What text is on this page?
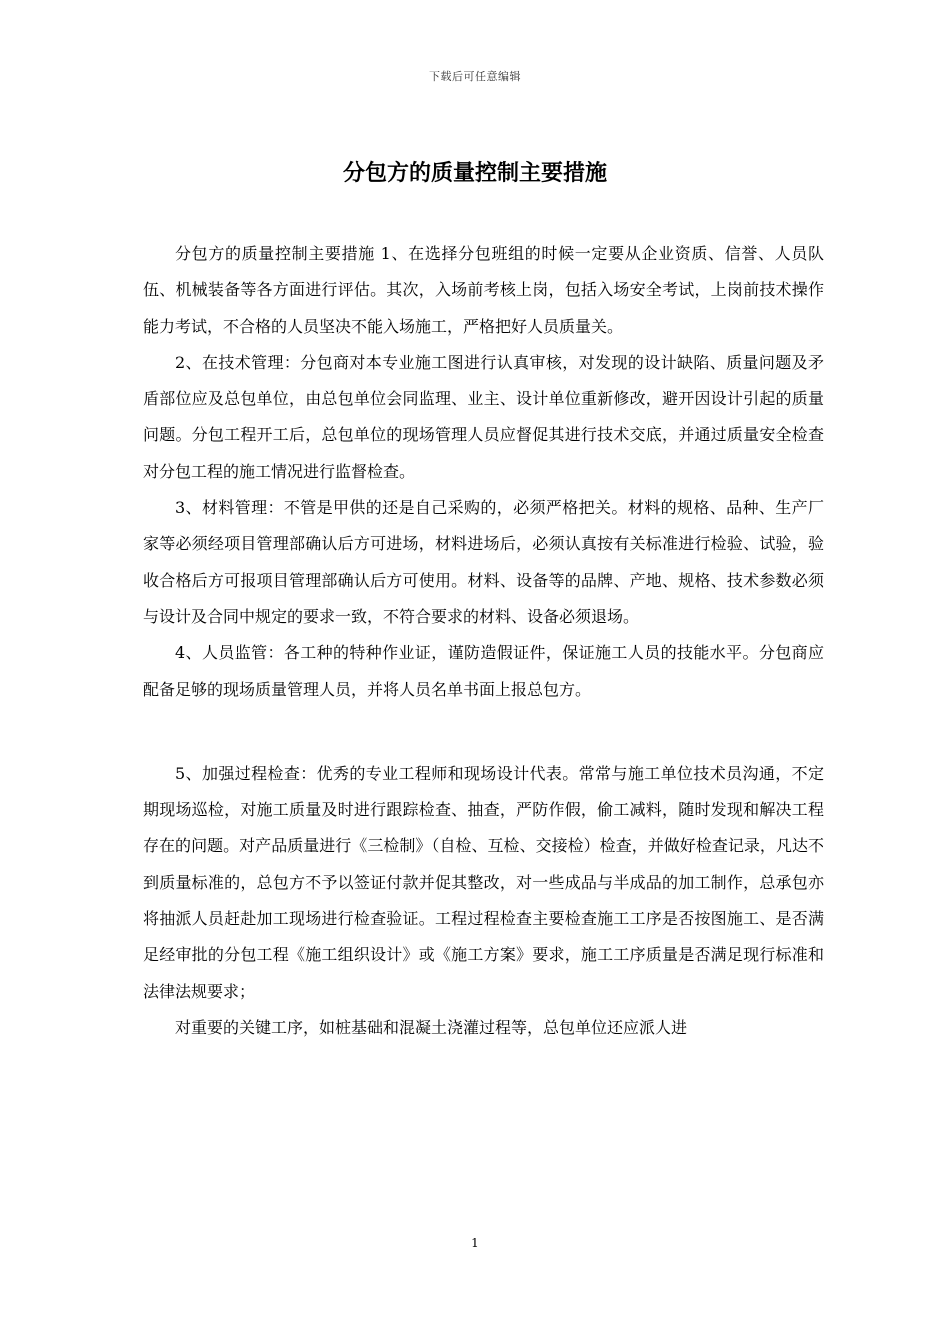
下载后可任意编辑
分包方的质量控制主要措施

分包方的质量控制主要措施 1、在选择分包班组的时候一定要从企业资质、信誉、人员队伍、机械装备等各方面进行评估。其次，入场前考核上岗，包括入场安全考试，上岗前技术操作能力考试，不合格的人员坚决不能入场施工，严格把好人员质量关。

2、在技术管理：分包商对本专业施工图进行认真审核，对发现的设计缺陷、质量问题及矛盾部位应及总包单位，由总包单位会同监理、业主、设计单位重新修改，避开因设计引起的质量问题。分包工程开工后，总包单位的现场管理人员应督促其进行技术交底，并通过质量安全检查对分包工程的施工情况进行监督检查。

3、材料管理：不管是甲供的还是自己采购的，必须严格把关。材料的规格、品种、生产厂家等必须经项目管理部确认后方可进场，材料进场后，必须认真按有关标准进行检验、试验，验收合格后方可报项目管理部确认后方可使用。材料、设备等的品牌、产地、规格、技术参数必须与设计及合同中规定的要求一致，不符合要求的材料、设备必须退场。

4、人员监管：各工种的特种作业证，谨防造假证件，保证施工人员的技能水平。分包商应配备足够的现场质量管理人员，并将人员名单书面上报总包方。

5、加强过程检查：优秀的专业工程师和现场设计代表。常常与施工单位技术员沟通，不定期现场巡检，对施工质量及时进行跟踪检查、抽查，严防作假，偷工减料，随时发现和解决工程存在的问题。对产品质量进行《三检制》（自检、互检、交接检）检查，并做好检查记录，凡达不到质量标准的，总包方不予以签证付款并促其整改，对一些成品与半成品的加工制作，总承包亦将抽派人员赶赴加工现场进行检查验证。工程过程检查主要检查施工工序是否按图施工、是否满足经审批的分包工程《施工组织设计》或《施工方案》要求，施工工序质量是否满足现行标准和法律法规要求；

对重要的关键工序，如桩基础和混凝土浇灌过程等，总包单位还应派人进

1
